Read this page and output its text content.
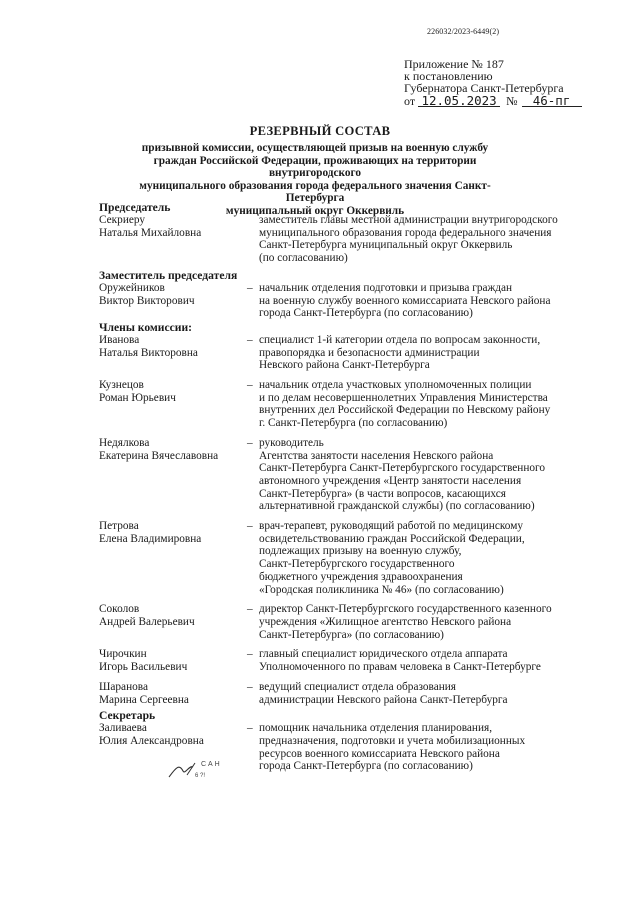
226032/2023-6449(2)
Приложение № 187
к постановлению
Губернатора Санкт-Петербурга
от 12.05.2023 № 46-пг
РЕЗЕРВНЫЙ СОСТАВ
призывной комиссии, осуществляющей призыв на военную службу
граждан Российской Федерации, проживающих на территории внутригородского
муниципального образования города федерального значения Санкт-Петербурга
муниципальный округ Оккервиль
Председатель
Секриеру
Наталья Михайловна
заместитель главы местной администрации внутригородского
муниципального образования города федерального значения
Санкт-Петербурга муниципальный округ Оккервиль
(по согласованию)
Заместитель председателя
Оружейников
Виктор Викторович
– начальник отделения подготовки и призыва граждан
на военную службу военного комиссариата Невского района
города Санкт-Петербурга (по согласованию)
Члены комиссии:
Иванова
Наталья Викторовна
– специалист 1-й категории отдела по вопросам законности,
правопорядка и безопасности администрации
Невского района Санкт-Петербурга
Кузнецов
Роман Юрьевич
– начальник отдела участковых уполномоченных полиции
и по делам несовершеннолетних Управления Министерства
внутренних дел Российской Федерации по Невскому району
г. Санкт-Петербурга (по согласованию)
Недялкова
Екатерина Вячеславовна
– руководитель
Агентства занятости населения Невского района
Санкт-Петербурга Санкт-Петербургского государственного
автономного учреждения «Центр занятости населения
Санкт-Петербурга» (в части вопросов, касающихся
альтернативной гражданской службы) (по согласованию)
Петрова
Елена Владимировна
– врач-терапевт, руководящий работой по медицинскому
освидетельствованию граждан Российской Федерации,
подлежащих призыву на военную службу,
Санкт-Петербургского государственного
бюджетного учреждения здравоохранения
«Городская поликлиника № 46» (по согласованию)
Соколов
Андрей Валерьевич
– директор Санкт-Петербургского государственного казенного
учреждения «Жилищное агентство Невского района
Санкт-Петербурга» (по согласованию)
Чирочкин
Игорь Васильевич
– главный специалист юридического отдела аппарата
Уполномоченного по правам человека в Санкт-Петербурге
Шаранова
Марина Сергеевна
– ведущий специалист отдела образования
администрации Невского района Санкт-Петербурга
Секретарь
Заливаева
Юлия Александровна
– помощник начальника отделения планирования,
предназначения, подготовки и учета мобилизационных
ресурсов военного комиссариата Невского района
города Санкт-Петербурга (по согласованию)
С А Н
6 ?!
